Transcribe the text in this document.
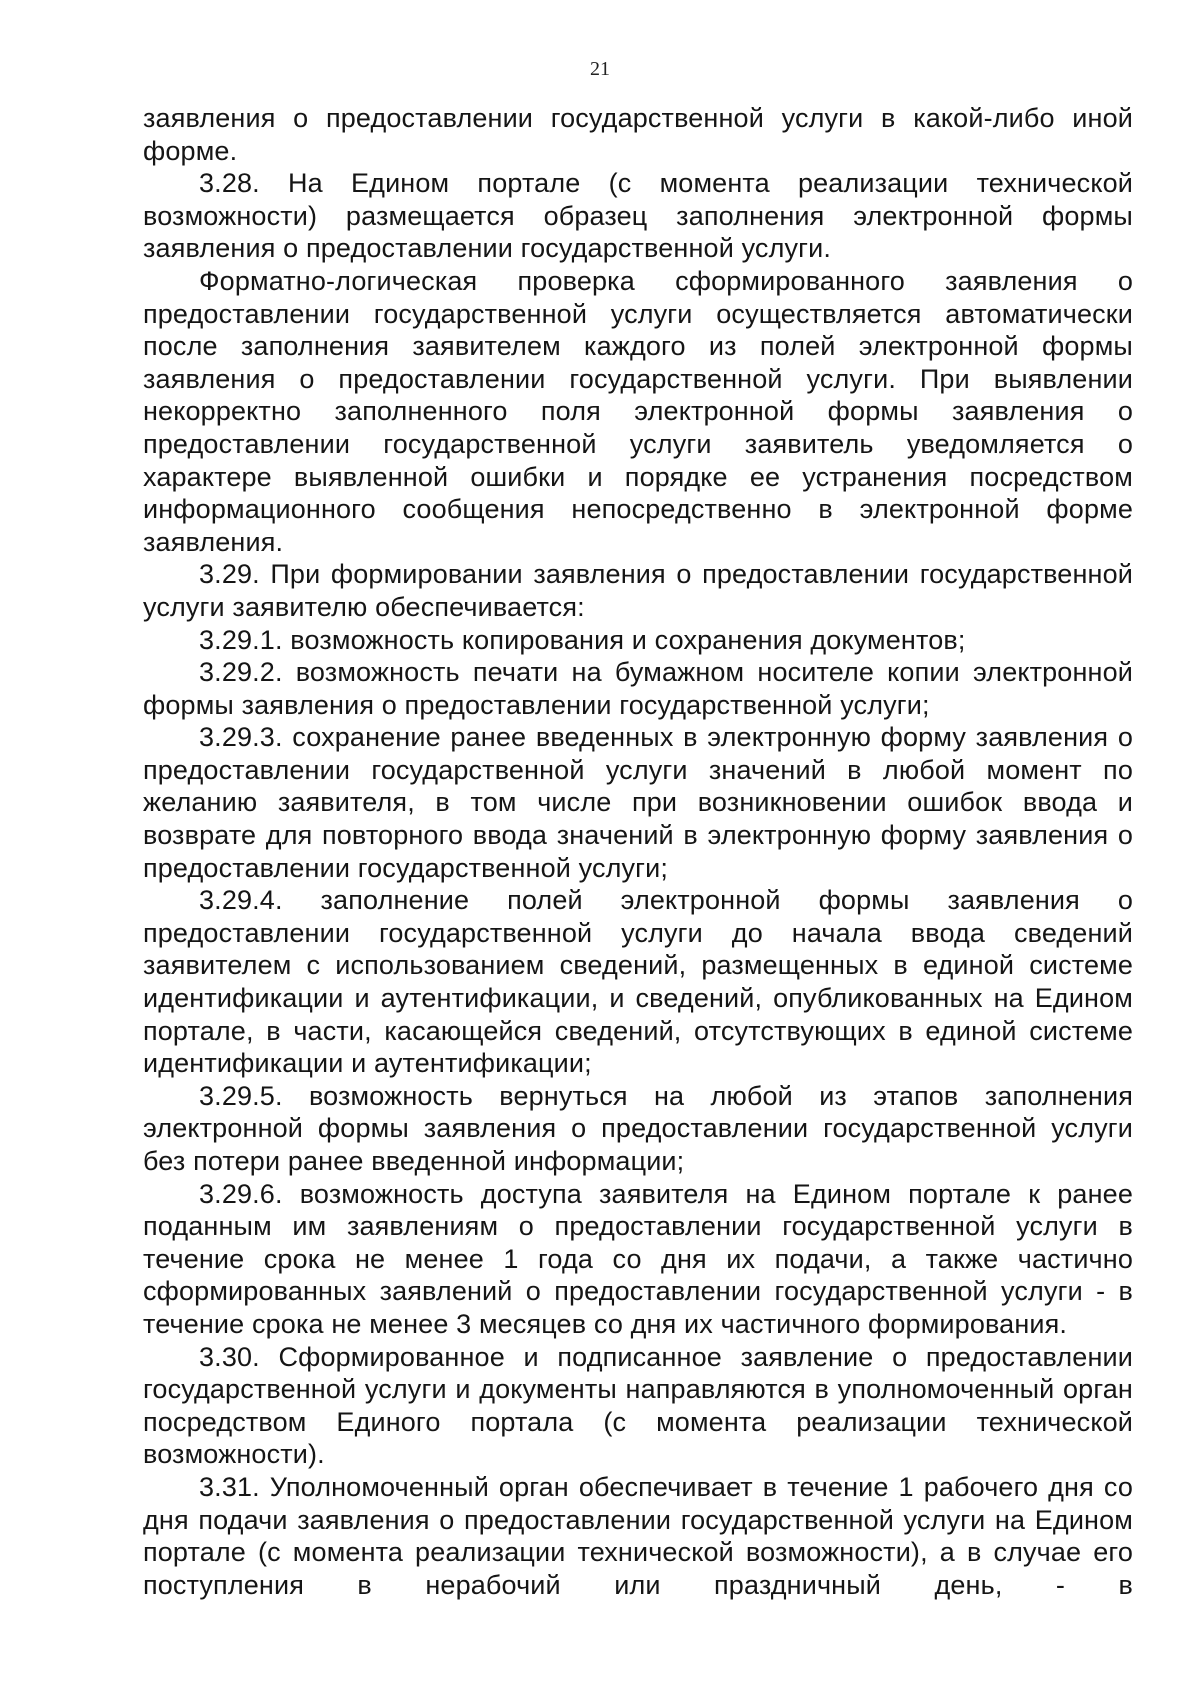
21

заявления о предоставлении государственной услуги в какой-либо иной форме.

3.28. На Едином портале (с момента реализации технической возможности) размещается образец заполнения электронной формы заявления о предоставлении государственной услуги.

Форматно-логическая проверка сформированного заявления о предоставлении государственной услуги осуществляется автоматически после заполнения заявителем каждого из полей электронной формы заявления о предоставлении государственной услуги. При выявлении некорректно заполненного поля электронной формы заявления о предоставлении государственной услуги заявитель уведомляется о характере выявленной ошибки и порядке ее устранения посредством информационного сообщения непосредственно в электронной форме заявления.

3.29. При формировании заявления о предоставлении государственной услуги заявителю обеспечивается:

3.29.1. возможность копирования и сохранения документов;

3.29.2. возможность печати на бумажном носителе копии электронной формы заявления о предоставлении государственной услуги;

3.29.3. сохранение ранее введенных в электронную форму заявления о предоставлении государственной услуги значений в любой момент по желанию заявителя, в том числе при возникновении ошибок ввода и возврате для повторного ввода значений в электронную форму заявления о предоставлении государственной услуги;

3.29.4. заполнение полей электронной формы заявления о предоставлении государственной услуги до начала ввода сведений заявителем с использованием сведений, размещенных в единой системе идентификации и аутентификации, и сведений, опубликованных на Едином портале, в части, касающейся сведений, отсутствующих в единой системе идентификации и аутентификации;

3.29.5. возможность вернуться на любой из этапов заполнения электронной формы заявления о предоставлении государственной услуги без потери ранее введенной информации;

3.29.6. возможность доступа заявителя на Едином портале к ранее поданным им заявлениям о предоставлении государственной услуги в течение срока не менее 1 года со дня их подачи, а также частично сформированных заявлений о предоставлении государственной услуги - в течение срока не менее 3 месяцев со дня их частичного формирования.

3.30. Сформированное и подписанное заявление о предоставлении государственной услуги и документы направляются в уполномоченный орган посредством Единого портала (с момента реализации технической возможности).

3.31. Уполномоченный орган обеспечивает в течение 1 рабочего дня со дня подачи заявления о предоставлении государственной услуги на Едином портале (с момента реализации технической возможности), а в случае его поступления в нерабочий или праздничный день, - в
